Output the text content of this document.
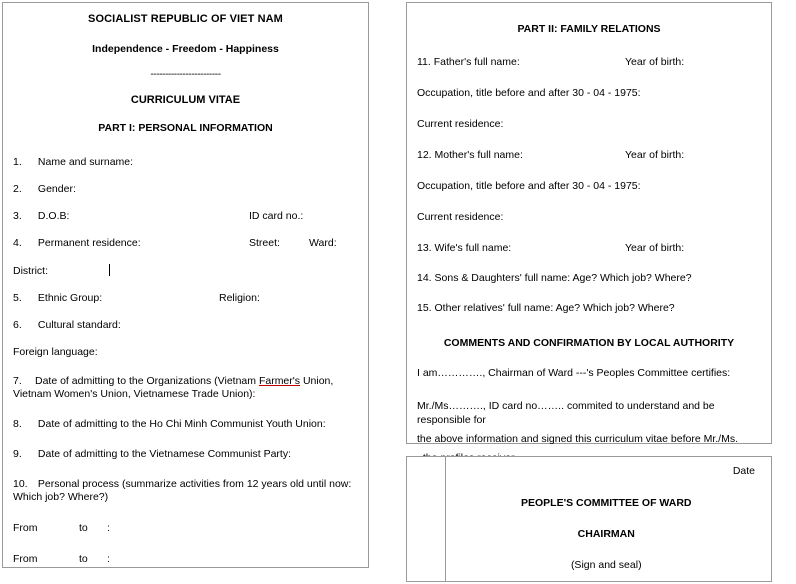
SOCIALIST REPUBLIC OF VIET NAM
Independence - Freedom - Happiness
------------------------
CURRICULUM VITAE
PART I: PERSONAL INFORMATION
1. Name and surname:
2. Gender:
3. D.O.B:	ID card no.:
4. Permanent residence:	Street:	Ward:
District:
5. Ethnic Group:	Religion:
6. Cultural standard:
Foreign language:
7. Date of admitting to the Organizations (Vietnam Farmer's Union, Vietnam Women's Union, Vietnamese Trade Union):
8. Date of admitting to the Ho Chi Minh Communist Youth Union:
9. Date of admitting to the Vietnamese Communist Party:
10. Personal process (summarize activities from 12 years old until now: Which job? Where?)
From	to :
From	to :
PART II: FAMILY RELATIONS
11. Father's full name:	Year of birth:
Occupation, title before and after 30 - 04 - 1975:
Current residence:
12. Mother's full name:	Year of birth:
Occupation, title before and after 30 - 04 - 1975:
Current residence:
13. Wife's full name:	Year of birth:
14. Sons & Daughters' full name: Age? Which job? Where?
15. Other relatives' full name: Age? Which job? Where?
COMMENTS AND CONFIRMATION BY LOCAL AUTHORITY
I am…………., Chairman of Ward ---'s Peoples Committee certifies:
Mr./Ms………., ID card no…….. commited to understand and be responsible for
the above information and signed this curriculum vitae before Mr./Ms.

Date
PEOPLE'S COMMITTEE OF WARD
CHAIRMAN
(Sign and seal)
